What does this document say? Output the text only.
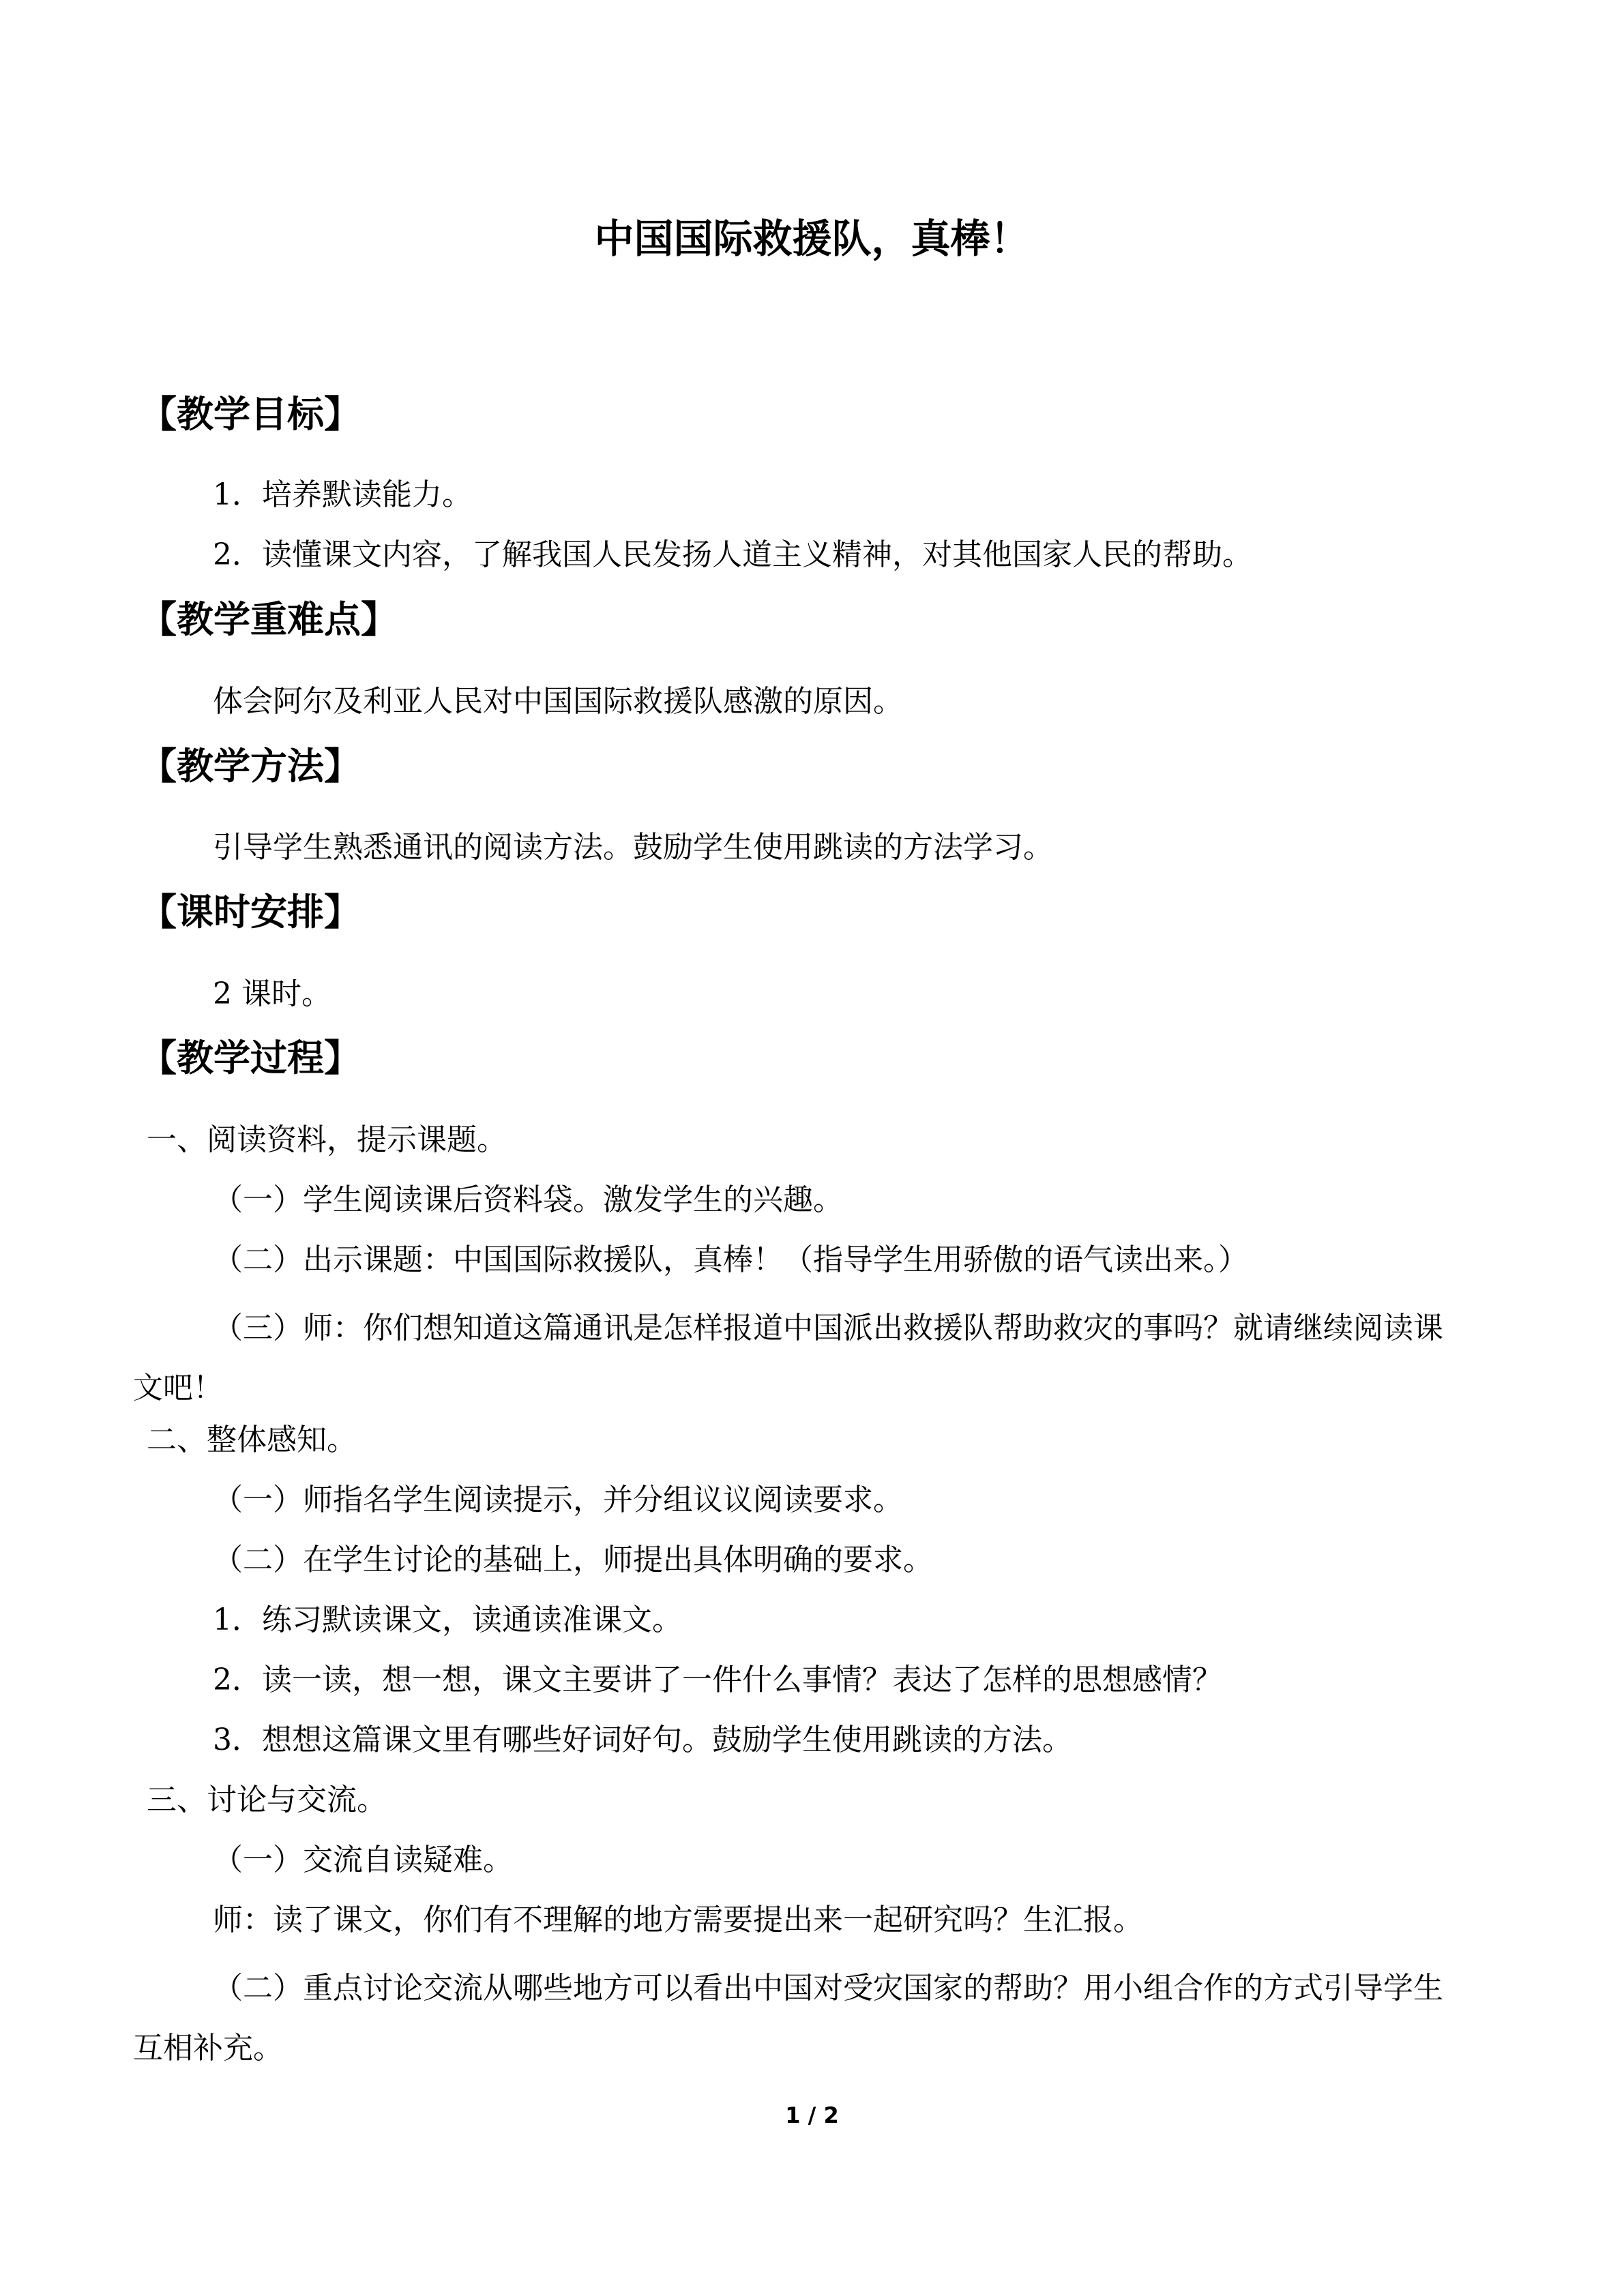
中国国际救援队，真棒！
【教学目标】

1．培养默读能力。

2．读懂课文内容，了解我国人民发扬人道主义精神，对其他国家人民的帮助。

【教学重难点】

体会阿尔及利亚人民对中国国际救援队感激的原因。

【教学方法】

引导学生熟悉通讯的阅读方法。鼓励学生使用跳读的方法学习。

【课时安排】

2 课时。

【教学过程】

一、阅读资料，提示课题。

（一）学生阅读课后资料袋。激发学生的兴趣。

（二）出示课题：中国国际救援队，真棒！（指导学生用骄傲的语气读出来。）

（三）师：你们想知道这篇通讯是怎样报道中国派出救援队帮助救灾的事吗？就请继续阅读课文吧！

二、整体感知。

（一）师指名学生阅读提示，并分组议议阅读要求。

（二）在学生讨论的基础上，师提出具体明确的要求。

1．练习默读课文，读通读准课文。

2．读一读，想一想，课文主要讲了一件什么事情？表达了怎样的思想感情？

3．想想这篇课文里有哪些好词好句。鼓励学生使用跳读的方法。

三、讨论与交流。

（一）交流自读疑难。

师：读了课文，你们有不理解的地方需要提出来一起研究吗？生汇报。

（二）重点讨论交流从哪些地方可以看出中国对受灾国家的帮助？用小组合作的方式引导学生互相补充。

1 / 2
